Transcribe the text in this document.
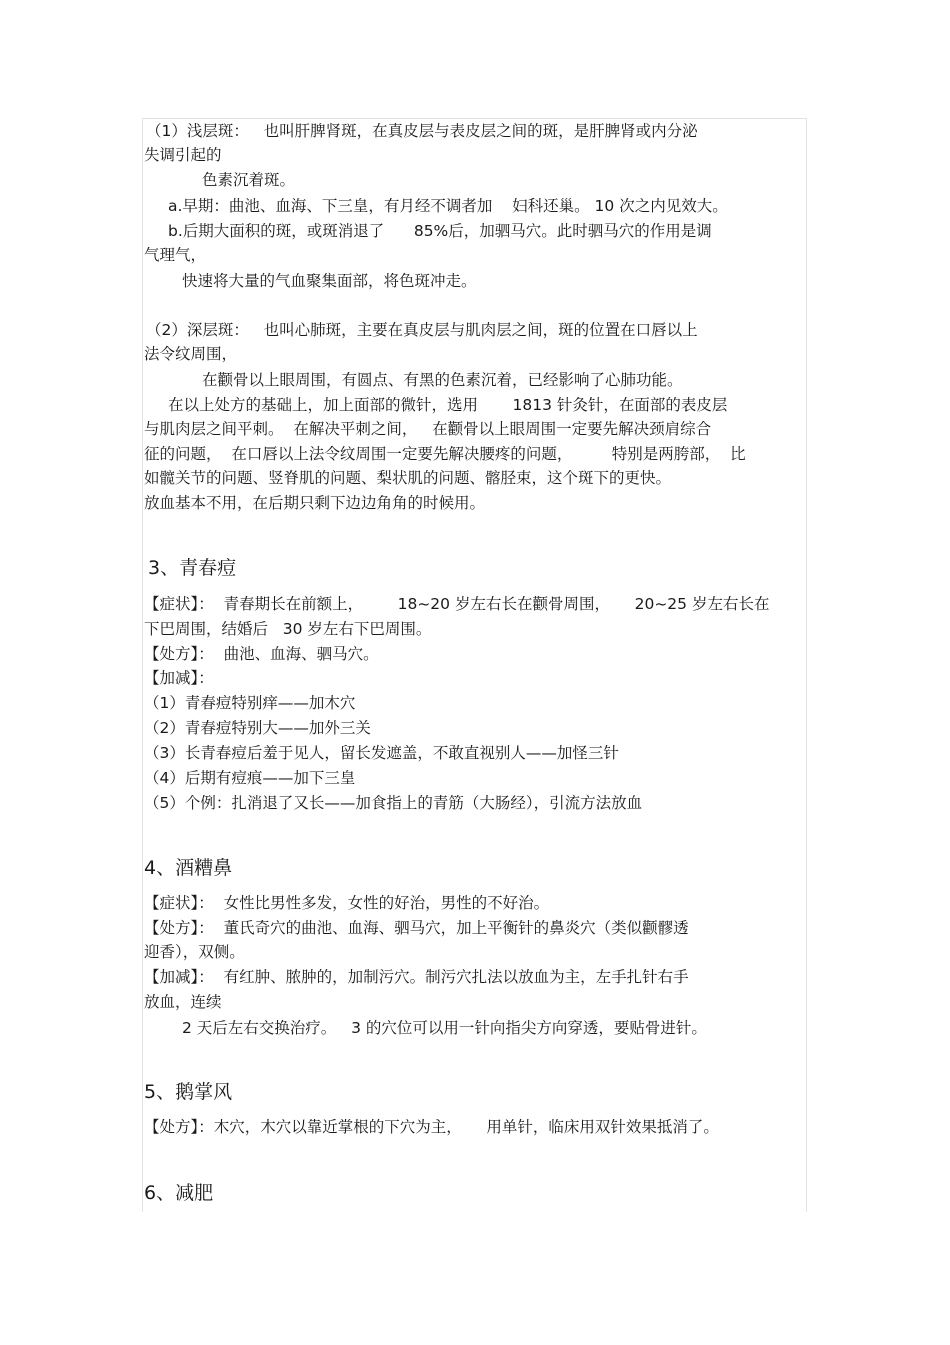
（1）浅层斑：   也叫肝脾肾斑，在真皮层与表皮层之间的斑，是肝脾肾或内分泌
失调引起的
色素沉着斑。
a.早期：曲池、血海、下三皇，有月经不调者加    妇科还巢。 10 次之内见效大。
b.后期大面积的斑，或斑消退了      85%后，加驷马穴。此时驷马穴的作用是调
气理气，
快速将大量的气血聚集面部，将色斑冲走。
（2）深层斑：   也叫心肺斑，主要在真皮层与肌肉层之间，斑的位置在口唇以上
法令纹周围，
在颧骨以上眼周围，有圆点、有黑的色素沉着，已经影响了心肺功能。
在以上处方的基础上，加上面部的微针，选用       1813 针灸针，在面部的表皮层
与肌肉层之间平刺。  在解决平刺之间，   在颧骨以上眼周围一定要先解决颈肩综合
征的问题，  在口唇以上法令纹周围一定要先解决腰疼的问题，        特别是两胯部，  比
如髋关节的问题、竖脊肌的问题、梨状肌的问题、髂胫束，这个斑下的更快。
放血基本不用，在后期只剩下边边角角的时候用。
3、青春痘
【症状】：  青春期长在前额上，       18~20 岁左右长在颧骨周围，     20~25 岁左右长在
下巴周围，结婚后   30 岁左右下巴周围。
【处方】：  曲池、血海、驷马穴。
【加减】：
（1）青春痘特别痒——加木穴
（2）青春痘特别大——加外三关
（3）长青春痘后羞于见人，留长发遮盖，不敢直视别人——加怪三针
（4）后期有痘痕——加下三皇
（5）个例：扎消退了又长——加食指上的青筋（大肠经），引流方法放血
4、酒糟鼻
【症状】：  女性比男性多发，女性的好治，男性的不好治。
【处方】：  董氏奇穴的曲池、血海、驷马穴，加上平衡针的鼻炎穴（类似颧髎透
迎香），双侧。
【加减】：  有红肿、脓肿的，加制污穴。制污穴扎法以放血为主，左手扎针右手
放血，连续
2 天后左右交换治疗。   3 的穴位可以用一针向指尖方向穿透，要贴骨进针。
5、鹅掌风
【处方】：木穴，木穴以靠近掌根的下穴为主，     用单针，临床用双针效果抵消了。
6、减肥
